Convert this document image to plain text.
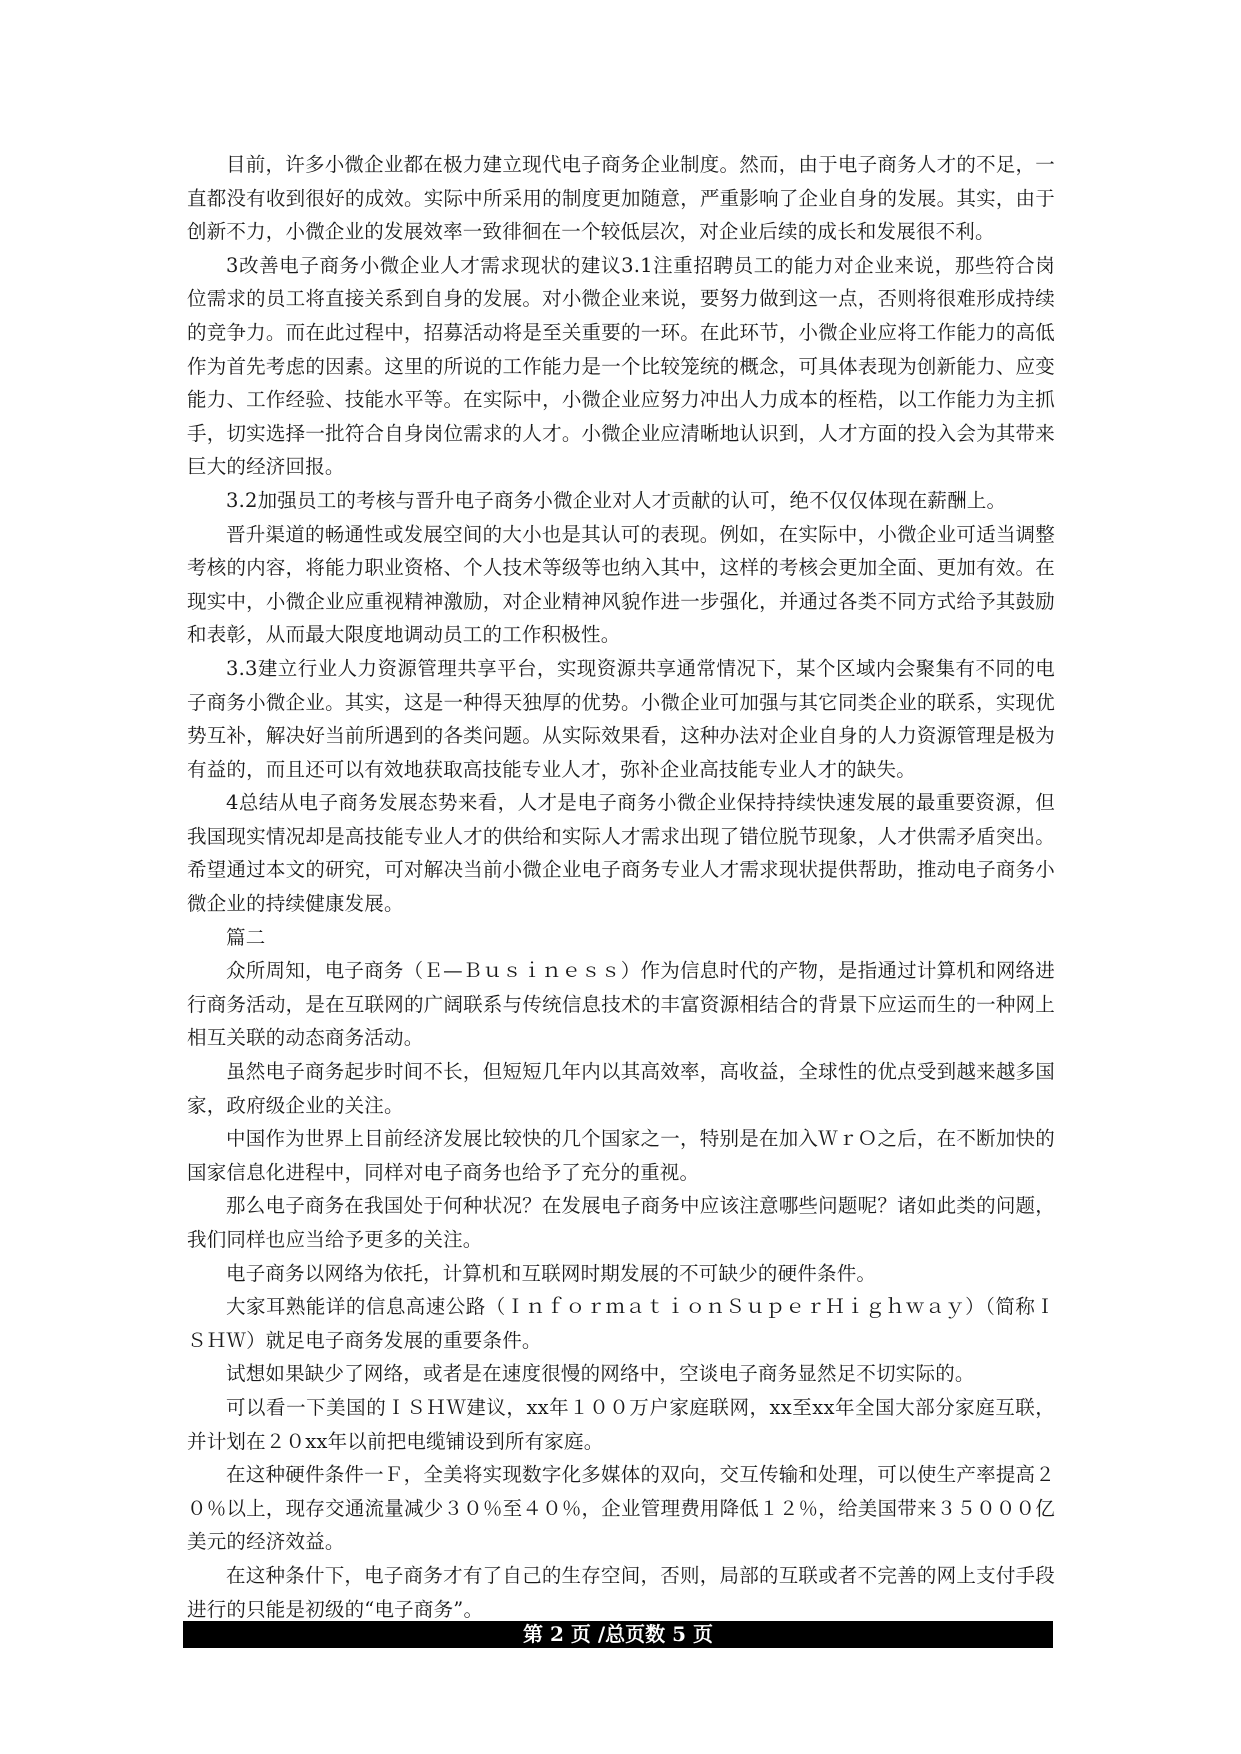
目前，许多小微企业都在极力建立现代电子商务企业制度。然而，由于电子商务人才的不足，一直都没有收到很好的成效。实际中所采用的制度更加随意，严重影响了企业自身的发展。其实，由于创新不力，小微企业的发展效率一致徘徊在一个较低层次，对企业后续的成长和发展很不利。

3改善电子商务小微企业人才需求现状的建议3.1注重招聘员工的能力对企业来说，那些符合岗位需求的员工将直接关系到自身的发展。对小微企业来说，要努力做到这一点，否则将很难形成持续的竞争力。而在此过程中，招募活动将是至关重要的一环。在此环节，小微企业应将工作能力的高低作为首先考虑的因素。这里的所说的工作能力是一个比较笼统的概念，可具体表现为创新能力、应变能力、工作经验、技能水平等。在实际中，小微企业应努力冲出人力成本的桎梏，以工作能力为主抓手，切实选择一批符合自身岗位需求的人才。小微企业应清晰地认识到，人才方面的投入会为其带来巨大的经济回报。

3.2加强员工的考核与晋升电子商务小微企业对人才贡献的认可，绝不仅仅体现在薪酬上。

晋升渠道的畅通性或发展空间的大小也是其认可的表现。例如，在实际中，小微企业可适当调整考核的内容，将能力职业资格、个人技术等级等也纳入其中，这样的考核会更加全面、更加有效。在现实中，小微企业应重视精神激励，对企业精神风貌作进一步强化，并通过各类不同方式给予其鼓励和表彰，从而最大限度地调动员工的工作积极性。

3.3建立行业人力资源管理共享平台，实现资源共享通常情况下，某个区域内会聚集有不同的电子商务小微企业。其实，这是一种得天独厚的优势。小微企业可加强与其它同类企业的联系，实现优势互补，解决好当前所遇到的各类问题。从实际效果看，这种办法对企业自身的人力资源管理是极为有益的，而且还可以有效地获取高技能专业人才，弥补企业高技能专业人才的缺失。

4总结从电子商务发展态势来看，人才是电子商务小微企业保持持续快速发展的最重要资源，但我国现实情况却是高技能专业人才的供给和实际人才需求出现了错位脱节现象，人才供需矛盾突出。希望通过本文的研究，可对解决当前小微企业电子商务专业人才需求现状提供帮助，推动电子商务小微企业的持续健康发展。

篇二

众所周知，电子商务（Ｅ—Ｂｕｓｉｎｅｓｓ）作为信息时代的产物，是指通过计算机和网络进行商务活动，是在互联网的广阔联系与传统信息技术的丰富资源相结合的背景下应运而生的一种网上相互关联的动态商务活动。

虽然电子商务起步时间不长，但短短几年内以其高效率，高收益，全球性的优点受到越来越多国家，政府级企业的关注。

中国作为世界上目前经济发展比较快的几个国家之一，特别是在加入ＷｒＯ之后，在不断加快的国家信息化进程中，同样对电子商务也给予了充分的重视。

那么电子商务在我国处于何种状况？在发展电子商务中应该注意哪些问题呢？诸如此类的问题，我们同样也应当给予更多的关注。

电子商务以网络为依托，计算机和互联网时期发展的不可缺少的硬件条件。

大家耳熟能详的信息高速公路（ＩｎｆｏｒｍａｔｉｏｎＳｕｐｅｒＨｉｇｈｗａｙ）（简称ＩＳＨＷ）就足电子商务发展的重要条件。

试想如果缺少了网络，或者是在速度很慢的网络中，空谈电子商务显然足不切实际的。

可以看一下美国的ＩＳＨＷ建议，xx年１００万户家庭联网，xx至xx年全国大部分家庭互联，并计划在２０xx年以前把电缆铺设到所有家庭。

在这种硬件条件一Ｆ，全美将实现数字化多媒体的双向，交互传输和处理，可以使生产率提高２０％以上，现存交通流量减少３０％至４０％，企业管理费用降低１２％，给美国带来３５０００亿美元的经济效益。

在这种条什下，电子商务才有了自己的生存空间，否则，局部的互联或者不完善的网上支付手段进行的只能是初级的“电子商务”。

第 2 页 /总页数 5 页
